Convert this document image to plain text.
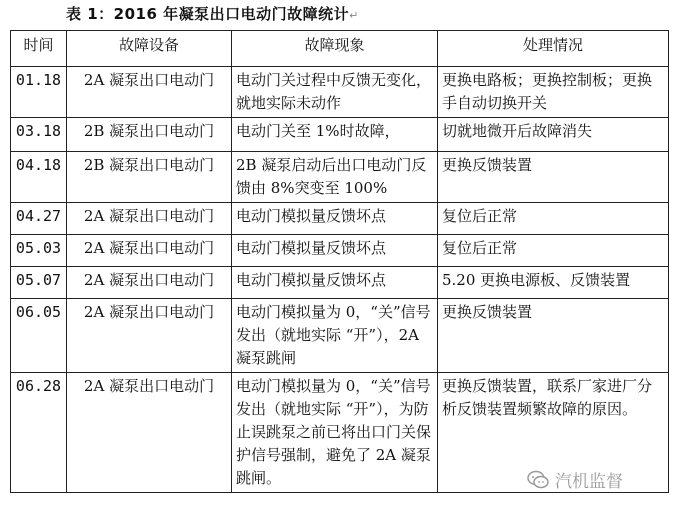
表 1：2016 年凝泵出口电动门故障统计↵
时间	故障设备	故障现象	处理情况
01.18	2A 凝泵出口电动门	电动门关过程中反馈无变化，就地实际未动作	更换电路板；更换控制板；更换手自动切换开关
03.18	2B 凝泵出口电动门	电动门关至 1%时故障，	切就地微开后故障消失
04.18	2B 凝泵出口电动门	2B 凝泵启动后出口电动门反馈由 8%突变至 100%	更换反馈装置
04.27	2A 凝泵出口电动门	电动门模拟量反馈坏点	复位后正常
05.03	2A 凝泵出口电动门	电动门模拟量反馈坏点	复位后正常
05.07	2A 凝泵出口电动门	电动门模拟量反馈坏点	5.20 更换电源板、反馈装置
06.05	2A 凝泵出口电动门	电动门模拟量为 0，“关”信号发出（就地实际 “开”），2A 凝泵跳闸	更换反馈装置
06.28	2A 凝泵出口电动门	电动门模拟量为 0，“关”信号发出（就地实际 “开”），为防止误跳泵之前已将出口门关保护信号强制，避免了 2A 凝泵跳闸。	更换反馈装置，联系厂家进厂分析反馈装置频繁故障的原因。
汽机监督
